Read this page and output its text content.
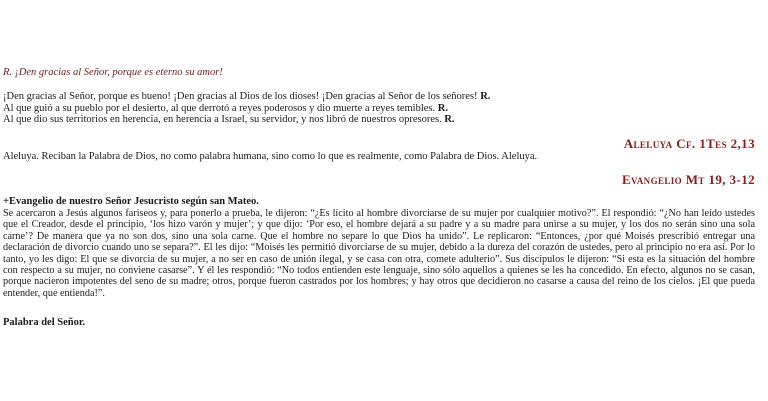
R. ¡Den gracias al Señor, porque es eterno su amor!

¡Den gracias al Señor, porque es bueno! ¡Den gracias al Dios de los dioses! ¡Den gracias al Señor de los señores! R.

Al que guió a su pueblo por el desierto, al que derrotó a reyes poderosos y dio muerte a reyes temibles. R.

Al que dio sus territorios en herencia, en herencia a Israel, su servidor, y nos libró de nuestros opresores. R.

Aleluya Cf. 1Tes 2,13
Aleluya. Reciban la Palabra de Dios, no como palabra humana, sino como lo que es realmente, como Palabra de Dios. Aleluya.
Evangelio Mt 19, 3-12
+Evangelio de nuestro Señor Jesucristo según san Mateo.

Se acercaron a Jesús algunos fariseos y, para ponerlo a prueba, le dijeron: “¿Es lícito al hombre divorciarse de su mujer por cualquier motivo?”. El respondió: “¿No han leído ustedes que el Creador, desde el principio, ‘los hizo varón y mujer’; y que dijo: ‘Por eso, el hombre dejará a su padre y a su madre para unirse a su mujer, y los dos no serán sino una sola carne’? De manera que ya no son dos, sino una sola carne. Que el hombre no separe lo que Dios ha unido”. Le replicaron: “Entonces, ¿por qué Moisés prescribió entregar una declaración de divorcio cuando uno se separa?”. El les dijo: “Moisés les permitió divorciarse de su mujer, debido a la dureza del corazón de ustedes, pero al principio no era así. Por lo tanto, yo les digo: El que se divorcia de su mujer, a no ser en caso de unión ilegal, y se casa con otra, comete adulterio”. Sus discípulos le dijeron: “Si esta es la situación del hombre con respecto a su mujer, no conviene casarse”. Y él les respondió: “No todos entienden este lenguaje, sino sólo aquellos a quienes se les ha concedido. En efecto, algunos no se casan, porque nacieron impotentes del seno de su madre; otros, porque fueron castrados por los hombres; y hay otros que decidieron no casarse a causa del reino de los cielos. ¡El que pueda entender, que entienda!”.

Palabra del Señor.
